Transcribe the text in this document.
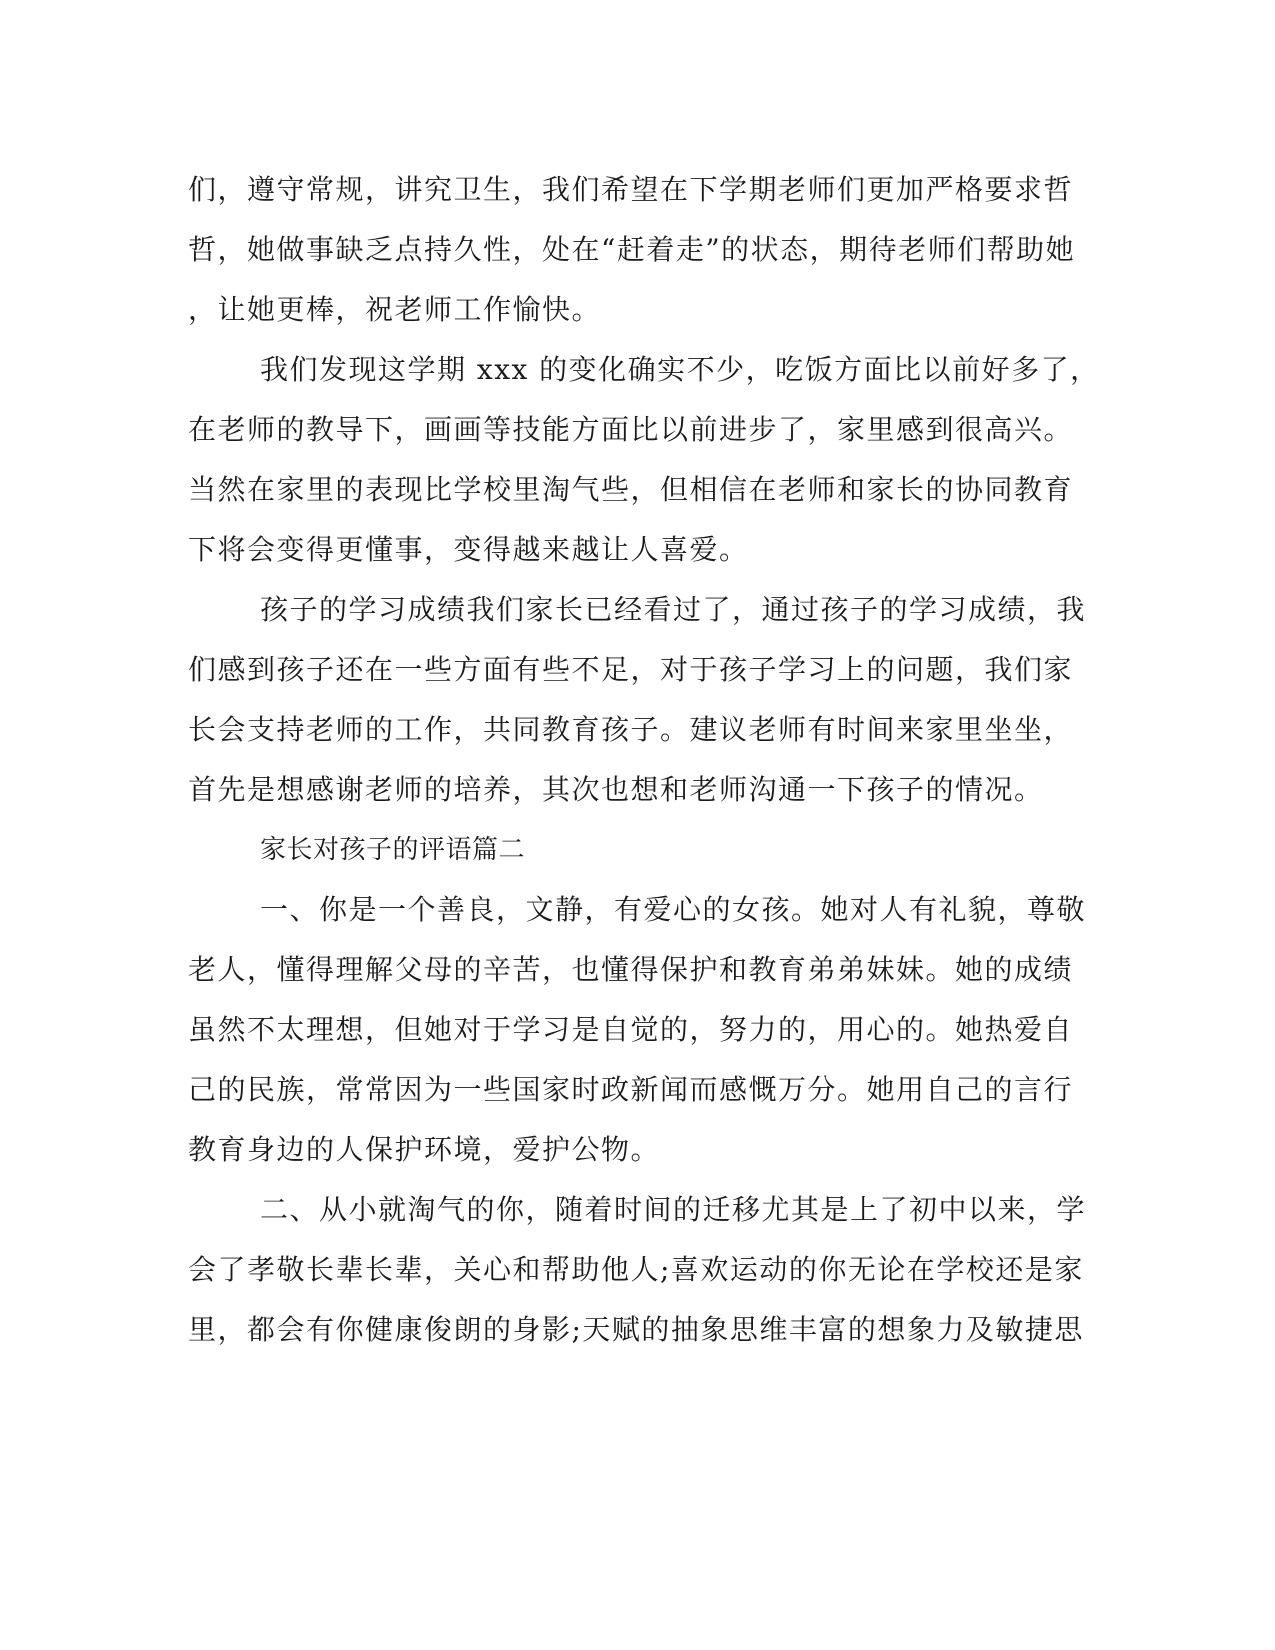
们，遵守常规，讲究卫生，我们希望在下学期老师们更加严格要求哲
哲，她做事缺乏点持久性，处在“赶着走”的状态，期待老师们帮助她
，让她更棒，祝老师工作愉快。
我们发现这学期 xxx 的变化确实不少，吃饭方面比以前好多了，
在老师的教导下，画画等技能方面比以前进步了，家里感到很高兴。
当然在家里的表现比学校里淘气些，但相信在老师和家长的协同教育
下将会变得更懂事，变得越来越让人喜爱。
孩子的学习成绩我们家长已经看过了，通过孩子的学习成绩，我
们感到孩子还在一些方面有些不足，对于孩子学习上的问题，我们家
长会支持老师的工作，共同教育孩子。建议老师有时间来家里坐坐，
首先是想感谢老师的培养，其次也想和老师沟通一下孩子的情况。
家长对孩子的评语篇二
一、你是一个善良，文静，有爱心的女孩。她对人有礼貌，尊敬
老人，懂得理解父母的辛苦，也懂得保护和教育弟弟妹妹。她的成绩
虽然不太理想，但她对于学习是自觉的，努力的，用心的。她热爱自
己的民族，常常因为一些国家时政新闻而感慨万分。她用自己的言行
教育身边的人保护环境，爱护公物。
二、从小就淘气的你，随着时间的迁移尤其是上了初中以来，学
会了孝敬长辈长辈，关心和帮助他人;喜欢运动的你无论在学校还是家
里，都会有你健康俊朗的身影;天赋的抽象思维丰富的想象力及敏捷思
